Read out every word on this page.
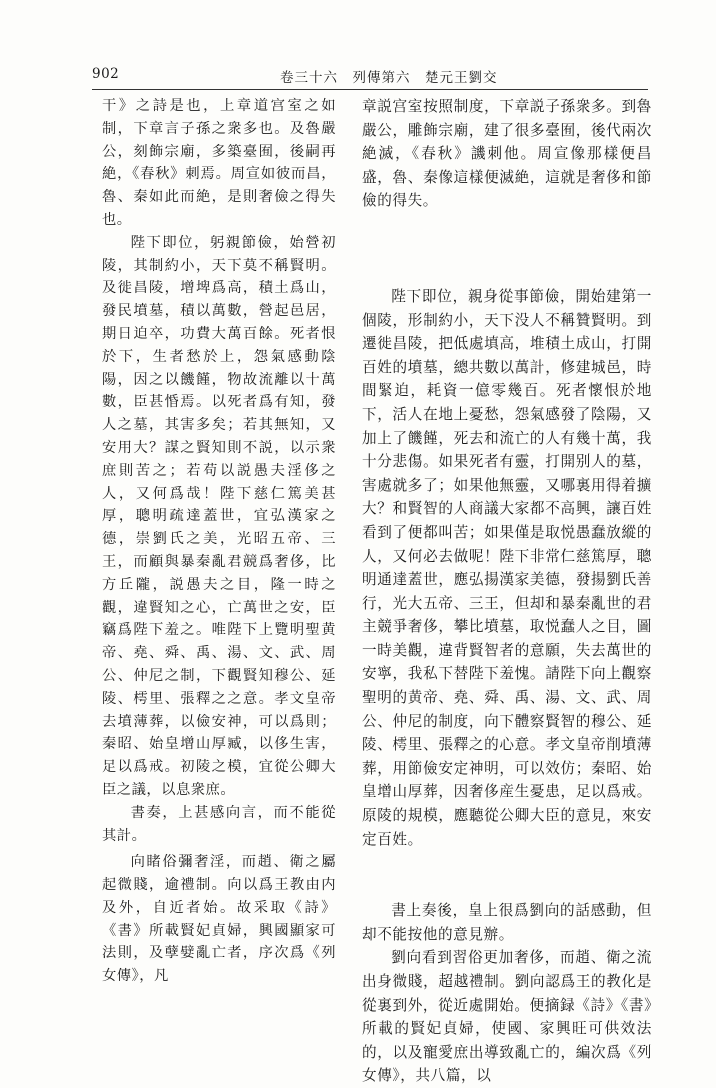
902	卷三十六　列傳第六　楚元王劉交

干》之詩是也，上章道宫室之如制，下章言子孫之衆多也。及魯嚴公，刻飾宗廟，多築臺囿，後嗣再絶，《春秋》刺焉。周宣如彼而昌，魯、秦如此而絶，是則奢儉之得失也。

陛下即位，躬親節儉，始營初陵，其制約小，天下莫不稱賢明。及徙昌陵，增埤爲高，積土爲山，發民墳墓，積以萬數，營起邑居，期日迫卒，功費大萬百餘。死者恨於下，生者愁於上，怨氣感動陰陽，因之以饑饉，物故流離以十萬數，臣甚惛焉。以死者爲有知，發人之墓，其害多矣；若其無知，又安用大？謀之賢知則不説，以示衆庶則苦之；若苟以説愚夫淫侈之人，又何爲哉！陛下慈仁篤美甚厚，聰明疏達蓋世，宜弘漢家之德，崇劉氏之美，光昭五帝、三王，而顧與暴秦亂君競爲奢侈，比方丘隴，説愚夫之目，隆一時之觀，違賢知之心，亡萬世之安，臣竊爲陛下羞之。唯陛下上覽明聖黄帝、堯、舜、禹、湯、文、武、周公、仲尼之制，下觀賢知穆公、延陵、樗里、張釋之之意。孝文皇帝去墳薄葬，以儉安神，可以爲則；秦昭、始皇增山厚臧，以侈生害，足以爲戒。初陵之模，宜從公卿大臣之議，以息衆庶。

書奏，上甚感向言，而不能從其計。

向睹俗彌奢淫，而趙、衛之屬起微賤，逾禮制。向以爲王教由内及外，自近者始。故采取《詩》《書》所載賢妃貞婦，興國顯家可法則，及孽嬖亂亡者，序次爲《列女傳》，凡

章説宫室按照制度，下章説子孫衆多。到魯嚴公，雕飾宗廟，建了很多臺囿，後代兩次絶滅，《春秋》譏刺他。周宣像那樣便昌盛，魯、秦像這樣便滅絶，這就是奢侈和節儉的得失。

陛下即位，親身從事節儉，開始建第一個陵，形制約小，天下没人不稱贊賢明。到遷徙昌陵，把低處填高，堆積土成山，打開百姓的墳墓，總共數以萬計，修建城邑，時間緊迫，耗資一億零幾百。死者懷恨於地下，活人在地上憂愁，怨氣感發了陰陽，又加上了饑饉，死去和流亡的人有幾十萬，我十分悲傷。如果死者有靈，打開别人的墓，害處就多了；如果他無靈，又哪裏用得着擴大？和賢智的人商議大家都不高興，讓百姓看到了便都叫苦；如果僅是取悦愚蠢放縱的人，又何必去做呢！陛下非常仁慈篤厚，聰明通達蓋世，應弘揚漢家美德，發揚劉氏善行，光大五帝、三王，但却和暴秦亂世的君主競爭奢侈，攀比墳墓，取悦蠢人之目，圖一時美觀，違背賢智者的意願，失去萬世的安寧，我私下替陛下羞愧。請陛下向上觀察聖明的黄帝、堯、舜、禹、湯、文、武、周公、仲尼的制度，向下體察賢智的穆公、延陵、樗里、張釋之的心意。孝文皇帝削墳薄葬，用節儉安定神明，可以效仿；秦昭、始皇增山厚葬，因奢侈産生憂患，足以爲戒。原陵的規模，應聽從公卿大臣的意見，來安定百姓。

書上奏後，皇上很爲劉向的話感動，但却不能按他的意見辦。

劉向看到習俗更加奢侈，而趙、衛之流出身微賤，超越禮制。劉向認爲王的教化是從裏到外，從近處開始。便摘録《詩》《書》所載的賢妃貞婦，使國、家興旺可供效法的，以及寵愛庶出導致亂亡的，編次爲《列女傳》，共八篇，以
